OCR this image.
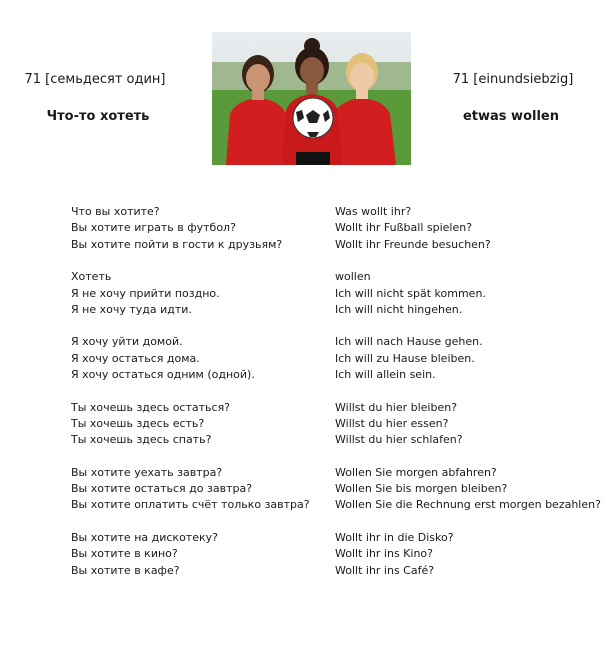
71 [семьдесят один]	71 [einundsiebzig]
Что-то хотеть	etwas wollen
Что вы хотите?
Вы хотите играть в футбол?
Вы хотите пойти в гости к друзьям?
Хотеть
Я не хочу прийти поздно.
Я не хочу туда идти.
Я хочу уйти домой.
Я хочу остаться дома.
Я хочу остаться одним (одной).
Ты хочешь здесь остаться?
Ты хочешь здесь есть?
Ты хочешь здесь спать?
Вы хотите уехать завтра?
Вы хотите остаться до завтра?
Вы хотите оплатить счёт только завтра?
Вы хотите на дискотеку?
Вы хотите в кино?
Вы хотите в кафе?
Was wollt ihr?
Wollt ihr Fußball spielen?
Wollt ihr Freunde besuchen?
wollen
Ich will nicht spät kommen.
Ich will nicht hingehen.
Ich will nach Hause gehen.
Ich will zu Hause bleiben.
Ich will allein sein.
Willst du hier bleiben?
Willst du hier essen?
Willst du hier schlafen?
Wollen Sie morgen abfahren?
Wollen Sie bis morgen bleiben?
Wollen Sie die Rechnung erst morgen bezahlen?
Wollt ihr in die Disko?
Wollt ihr ins Kino?
Wollt ihr ins Café?
